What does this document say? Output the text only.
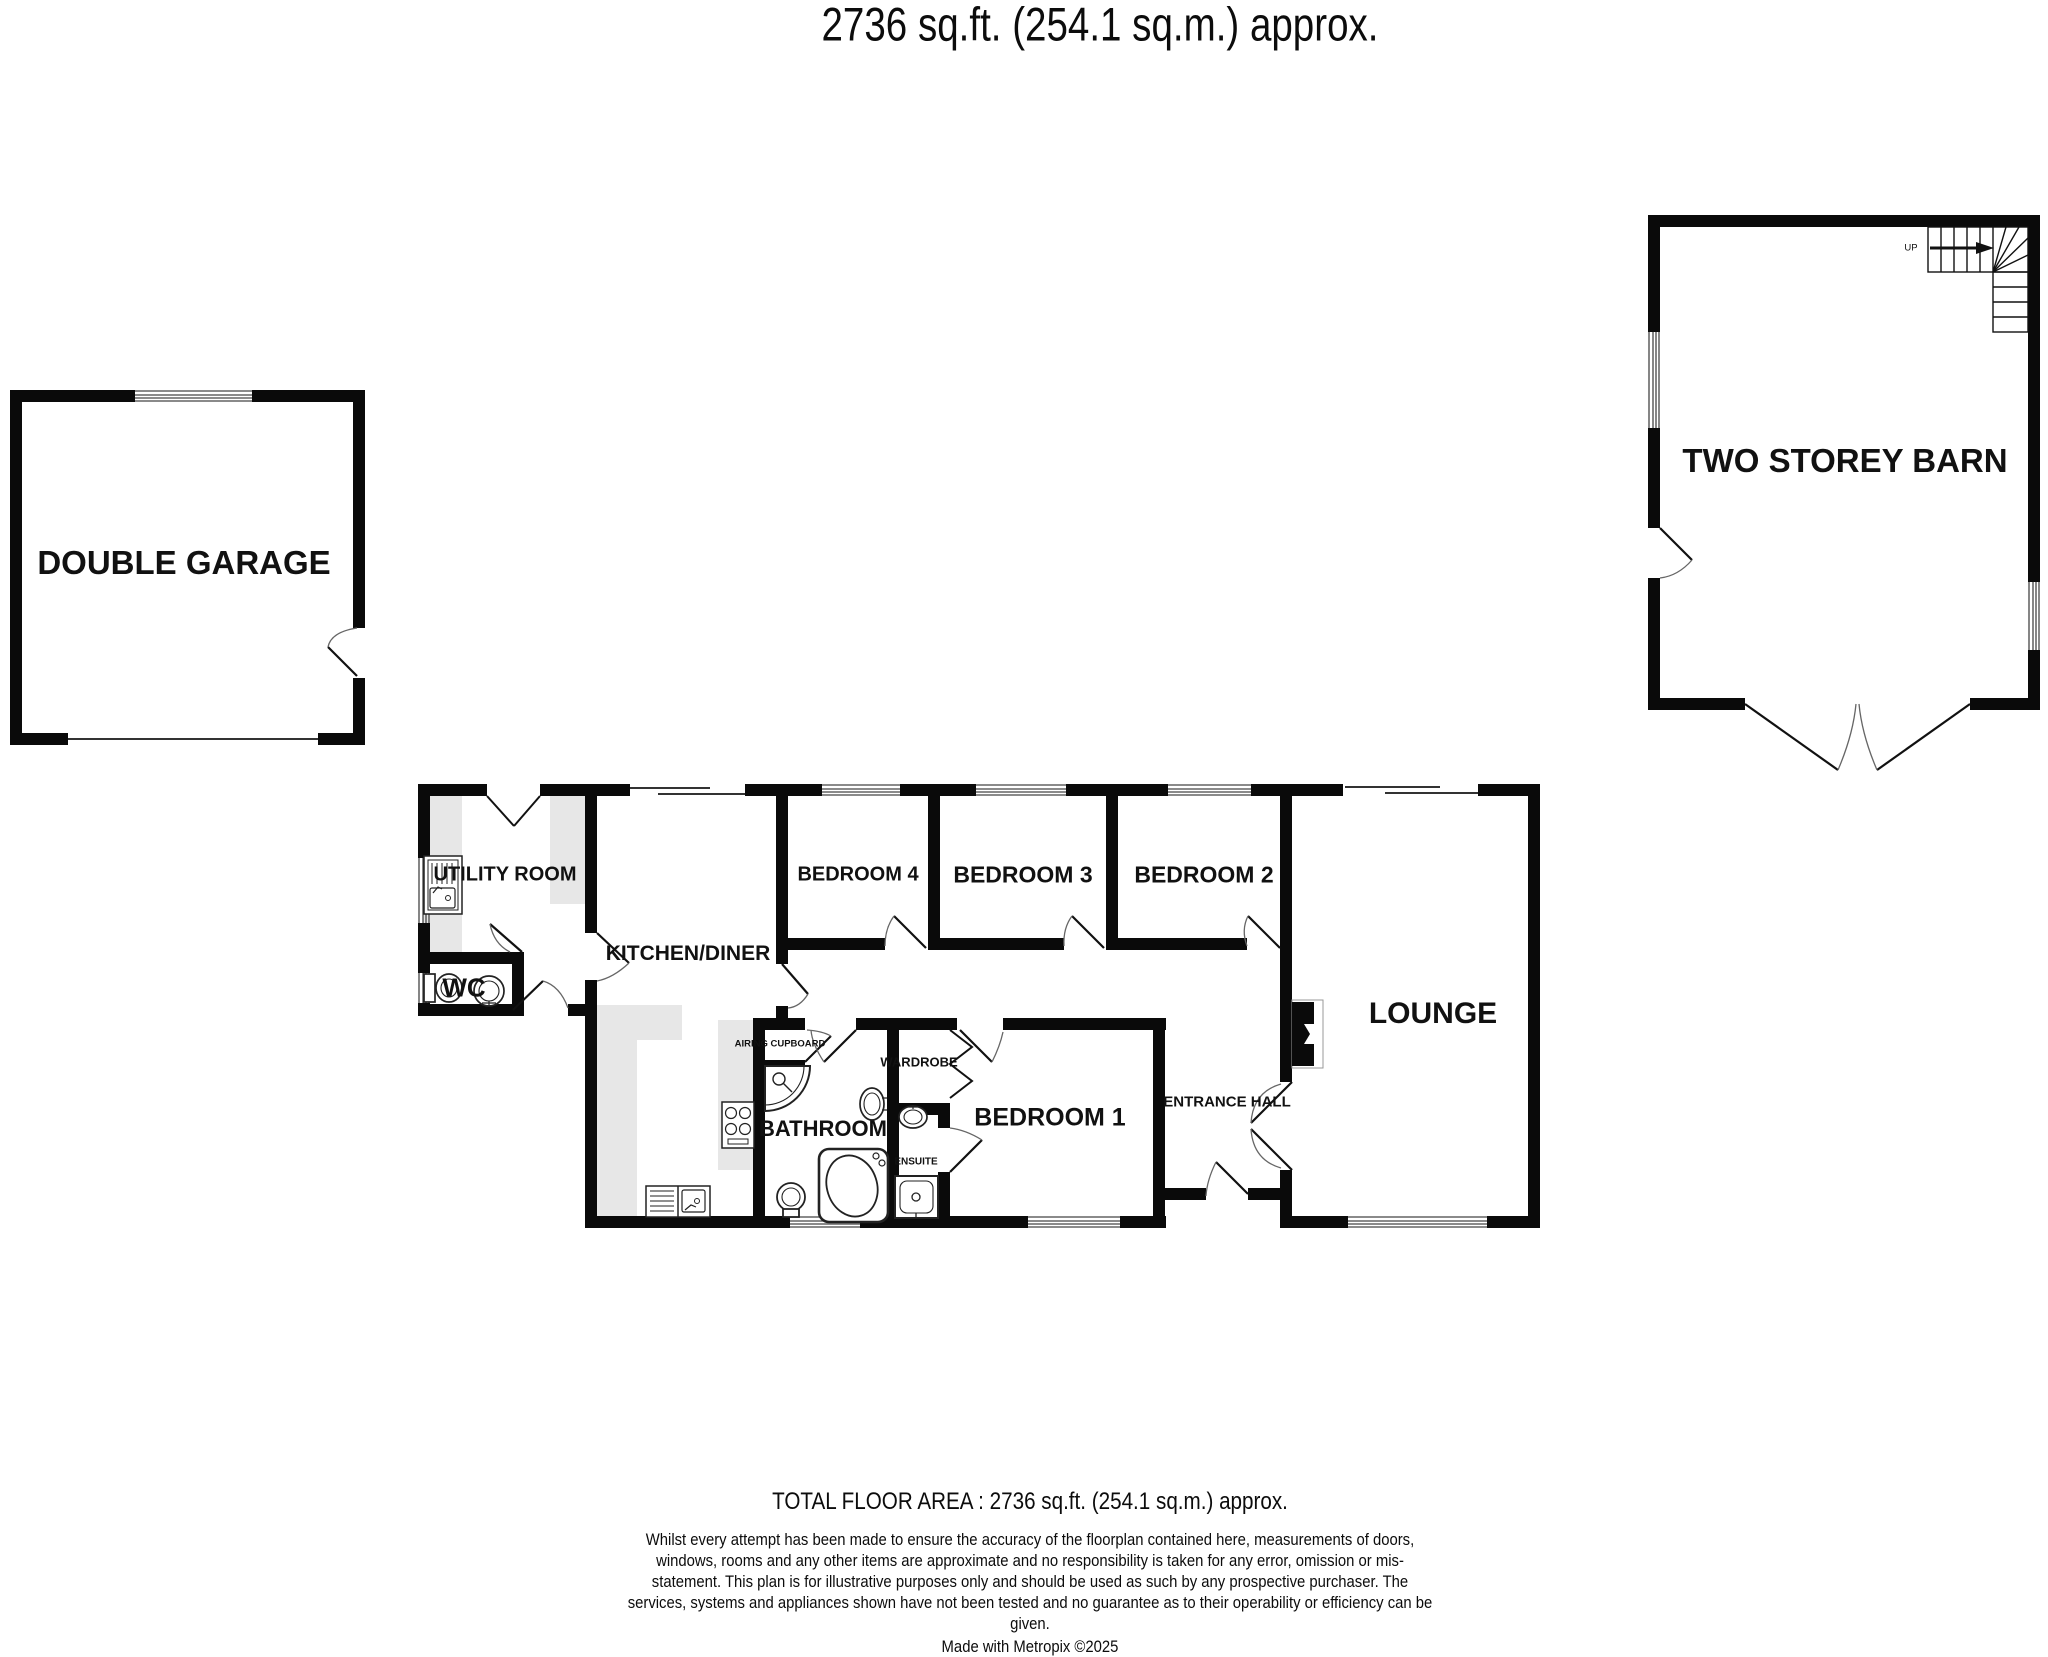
2736 sq.ft. (254.1 sq.m.) approx.
DOUBLE GARAGE
TWO STOREY BARN
UTILITY ROOM
WC
KITCHEN/DINER
BEDROOM 4 BEDROOM 3 BEDROOM 2
LOUNGE
AIRING CUPBOARD
BATHROOM
WARDROBE
ENSUITE
BEDROOM 1
ENTRANCE HALL
UP

TOTAL FLOOR AREA : 2736 sq.ft. (254.1 sq.m.) approx.

Whilst every attempt has been made to ensure the accuracy of the floorplan contained here, measurements of doors, windows, rooms and any other items are approximate and no responsibility is taken for any error, omission or mis-statement. This plan is for illustrative purposes only and should be used as such by any prospective purchaser. The services, systems and appliances shown have not been tested and no guarantee as to their operability or efficiency can be given.

Made with Metropix ©2025
